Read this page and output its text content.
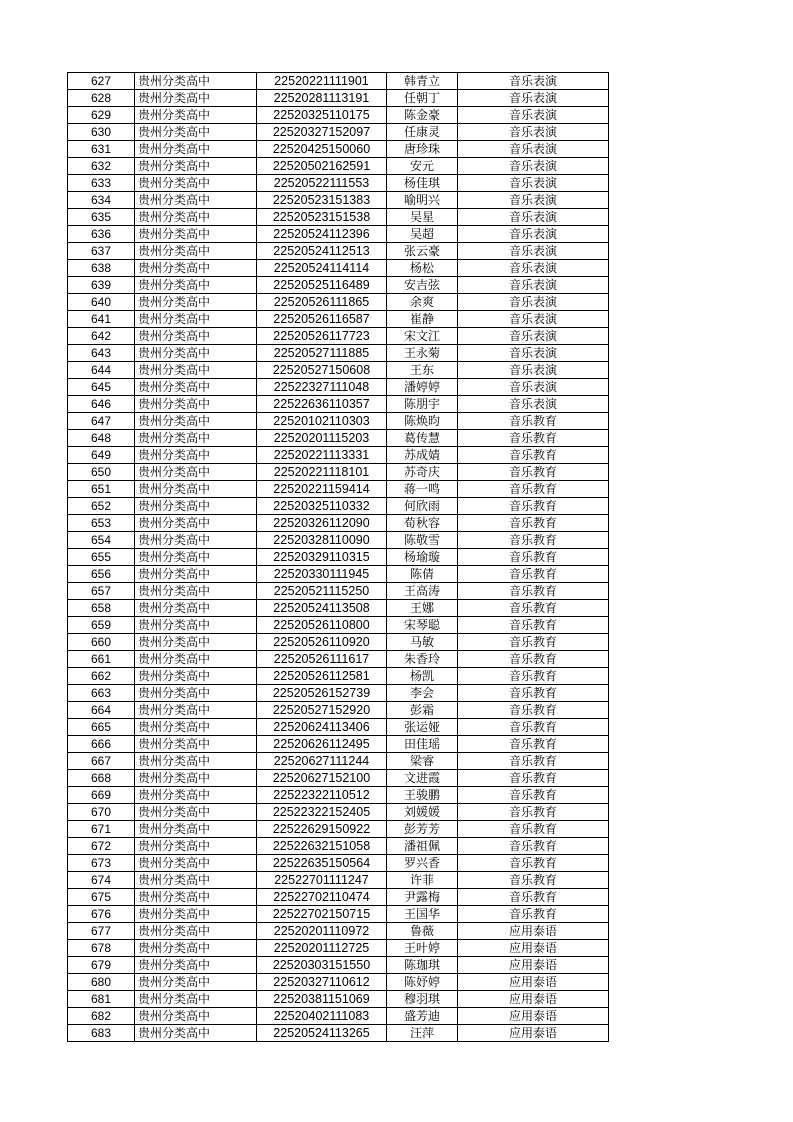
627	贵州分类高中	22520221111901	韩青立	音乐表演
628	贵州分类高中	22520281113191	任朝丁	音乐表演
629	贵州分类高中	22520325110175	陈金豪	音乐表演
630	贵州分类高中	22520327152097	任康灵	音乐表演
631	贵州分类高中	22520425150060	唐珍珠	音乐表演
632	贵州分类高中	22520502162591	安元	音乐表演
633	贵州分类高中	22520522111553	杨佳琪	音乐表演
634	贵州分类高中	22520523151383	喻明兴	音乐表演
635	贵州分类高中	22520523151538	吴星	音乐表演
636	贵州分类高中	22520524112396	吴超	音乐表演
637	贵州分类高中	22520524112513	张云豪	音乐表演
638	贵州分类高中	22520524114114	杨松	音乐表演
639	贵州分类高中	22520525116489	安吉弦	音乐表演
640	贵州分类高中	22520526111865	余爽	音乐表演
641	贵州分类高中	22520526116587	崔静	音乐表演
642	贵州分类高中	22520526117723	宋文江	音乐表演
643	贵州分类高中	22520527111885	王永菊	音乐表演
644	贵州分类高中	22520527150608	王东	音乐表演
645	贵州分类高中	22522327111048	潘婷婷	音乐表演
646	贵州分类高中	22522636110357	陈朋宇	音乐表演
647	贵州分类高中	22520102110303	陈焕昀	音乐教育
648	贵州分类高中	22520201115203	葛传慧	音乐教育
649	贵州分类高中	22520221113331	苏成婧	音乐教育
650	贵州分类高中	22520221118101	苏奇庆	音乐教育
651	贵州分类高中	22520221159414	蒋一鸣	音乐教育
652	贵州分类高中	22520325110332	何欣雨	音乐教育
653	贵州分类高中	22520326112090	荀秋容	音乐教育
654	贵州分类高中	22520328110090	陈敬雪	音乐教育
655	贵州分类高中	22520329110315	杨瑜璇	音乐教育
656	贵州分类高中	22520330111945	陈倩	音乐教育
657	贵州分类高中	22520521115250	王高涛	音乐教育
658	贵州分类高中	22520524113508	王娜	音乐教育
659	贵州分类高中	22520526110800	宋琴聪	音乐教育
660	贵州分类高中	22520526110920	马敏	音乐教育
661	贵州分类高中	22520526111617	朱香玲	音乐教育
662	贵州分类高中	22520526112581	杨凯	音乐教育
663	贵州分类高中	22520526152739	李会	音乐教育
664	贵州分类高中	22520527152920	彭霜	音乐教育
665	贵州分类高中	22520624113406	张运娅	音乐教育
666	贵州分类高中	22520626112495	田佳瑶	音乐教育
667	贵州分类高中	22520627111244	梁睿	音乐教育
668	贵州分类高中	22520627152100	文进霞	音乐教育
669	贵州分类高中	22522322110512	王骏鹏	音乐教育
670	贵州分类高中	22522322152405	刘媛媛	音乐教育
671	贵州分类高中	22522629150922	彭芳芳	音乐教育
672	贵州分类高中	22522632151058	潘祖佩	音乐教育
673	贵州分类高中	22522635150564	罗兴香	音乐教育
674	贵州分类高中	22522701111247	许菲	音乐教育
675	贵州分类高中	22522702110474	尹露梅	音乐教育
676	贵州分类高中	22522702150715	王国华	音乐教育
677	贵州分类高中	22520201110972	鲁薇	应用泰语
678	贵州分类高中	22520201112725	王叶婷	应用泰语
679	贵州分类高中	22520303151550	陈珈琪	应用泰语
680	贵州分类高中	22520327110612	陈妤婷	应用泰语
681	贵州分类高中	22520381151069	穆羽琪	应用泰语
682	贵州分类高中	22520402111083	盛芳迪	应用泰语
683	贵州分类高中	22520524113265	汪萍	应用泰语
